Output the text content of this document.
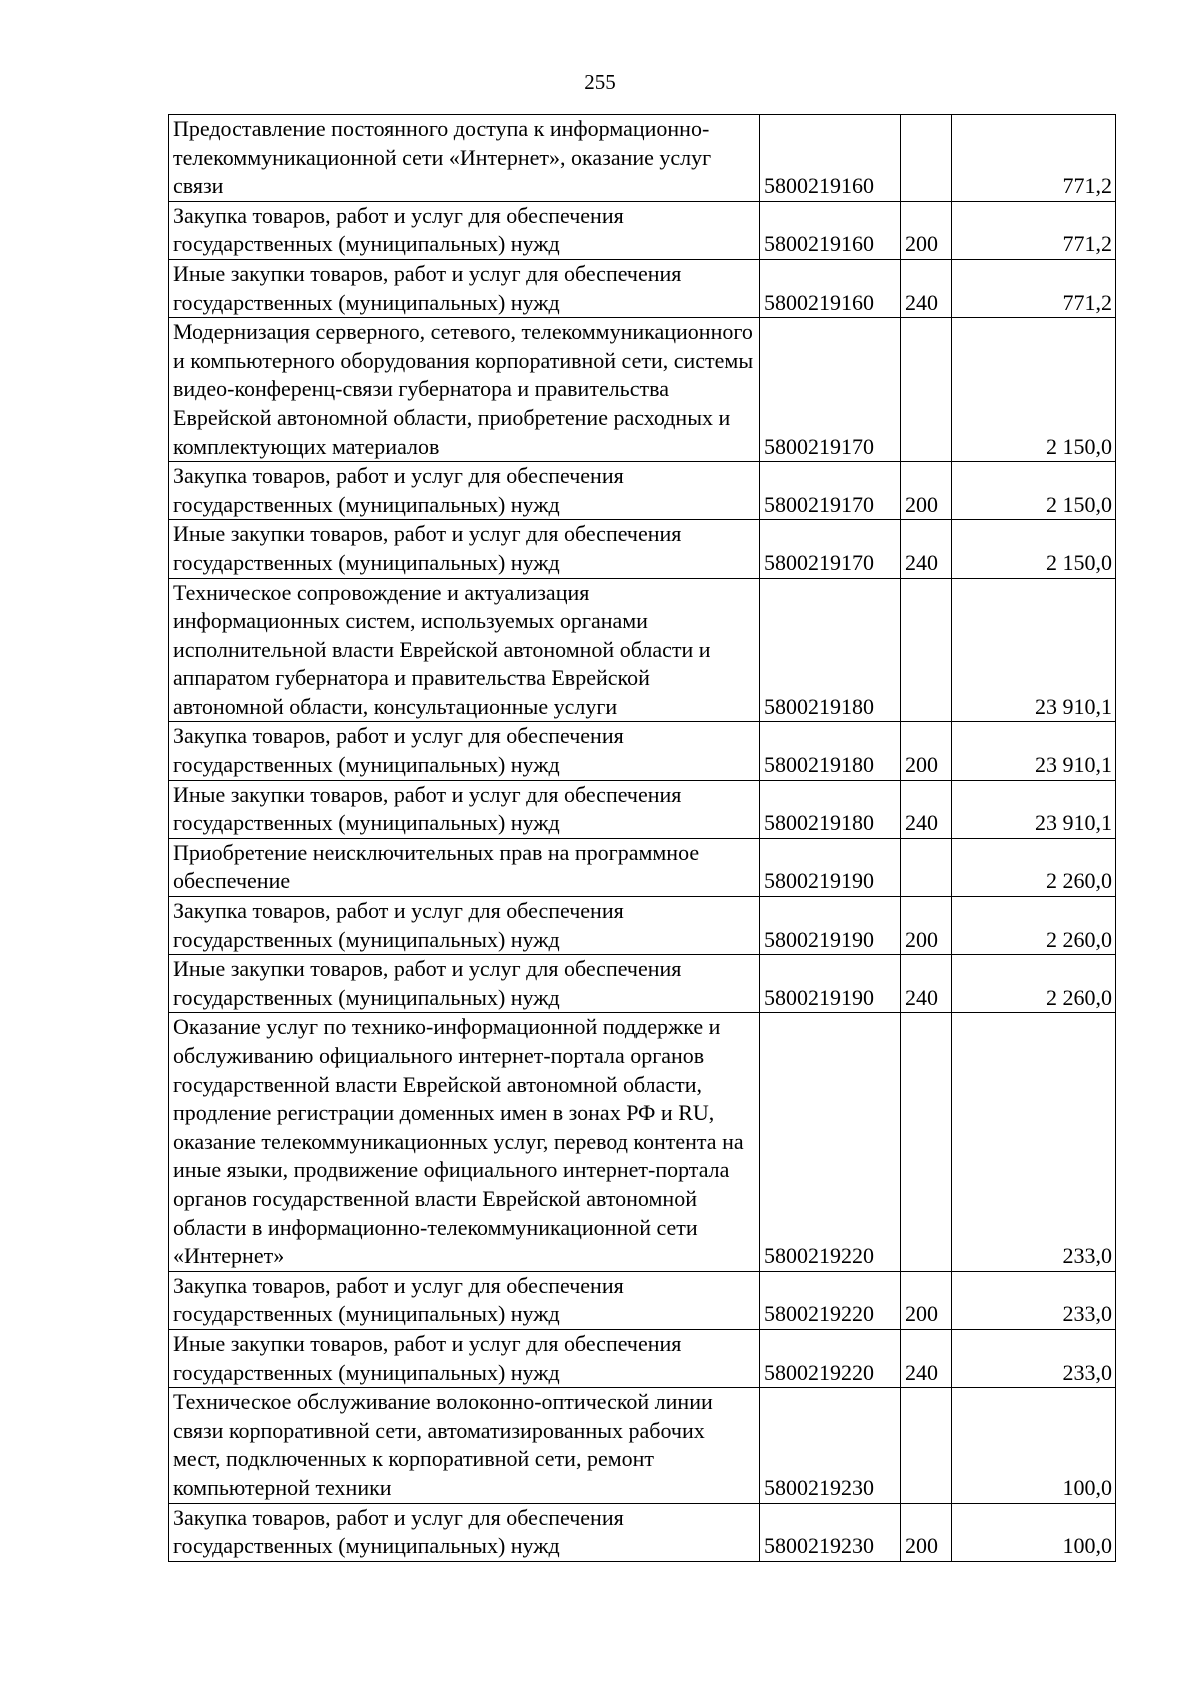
255
Предоставление постоянного доступа к информационно-телекоммуникационной сети «Интернет», оказание услуг связи	5800219160		771,2
Закупка товаров, работ и услуг для обеспечения государственных (муниципальных) нужд	5800219160	200	771,2
Иные закупки товаров, работ и услуг для обеспечения государственных (муниципальных) нужд	5800219160	240	771,2
Модернизация серверного, сетевого, телекоммуникационного и компьютерного оборудования корпоративной сети, системы видео-конференц-связи губернатора и правительства Еврейской автономной области, приобретение расходных и комплектующих материалов	5800219170		2 150,0
Закупка товаров, работ и услуг для обеспечения государственных (муниципальных) нужд	5800219170	200	2 150,0
Иные закупки товаров, работ и услуг для обеспечения государственных (муниципальных) нужд	5800219170	240	2 150,0
Техническое сопровождение и актуализация информационных систем, используемых органами исполнительной власти Еврейской автономной области и аппаратом губернатора и правительства Еврейской автономной области, консультационные услуги	5800219180		23 910,1
Закупка товаров, работ и услуг для обеспечения государственных (муниципальных) нужд	5800219180	200	23 910,1
Иные закупки товаров, работ и услуг для обеспечения государственных (муниципальных) нужд	5800219180	240	23 910,1
Приобретение неисключительных прав на программное обеспечение	5800219190		2 260,0
Закупка товаров, работ и услуг для обеспечения государственных (муниципальных) нужд	5800219190	200	2 260,0
Иные закупки товаров, работ и услуг для обеспечения государственных (муниципальных) нужд	5800219190	240	2 260,0
Оказание услуг по технико-информационной поддержке и обслуживанию официального интернет-портала органов государственной власти Еврейской автономной области, продление регистрации доменных имен в зонах РФ и RU, оказание телекоммуникационных услуг, перевод контента на иные языки, продвижение официального интернет-портала органов государственной власти Еврейской автономной области в информационно-телекоммуникационной сети «Интернет»	5800219220		233,0
Закупка товаров, работ и услуг для обеспечения государственных (муниципальных) нужд	5800219220	200	233,0
Иные закупки товаров, работ и услуг для обеспечения государственных (муниципальных) нужд	5800219220	240	233,0
Техническое обслуживание волоконно-оптической линии связи корпоративной сети, автоматизированных рабочих мест, подключенных к корпоративной сети, ремонт компьютерной техники	5800219230		100,0
Закупка товаров, работ и услуг для обеспечения государственных (муниципальных) нужд	5800219230	200	100,0
